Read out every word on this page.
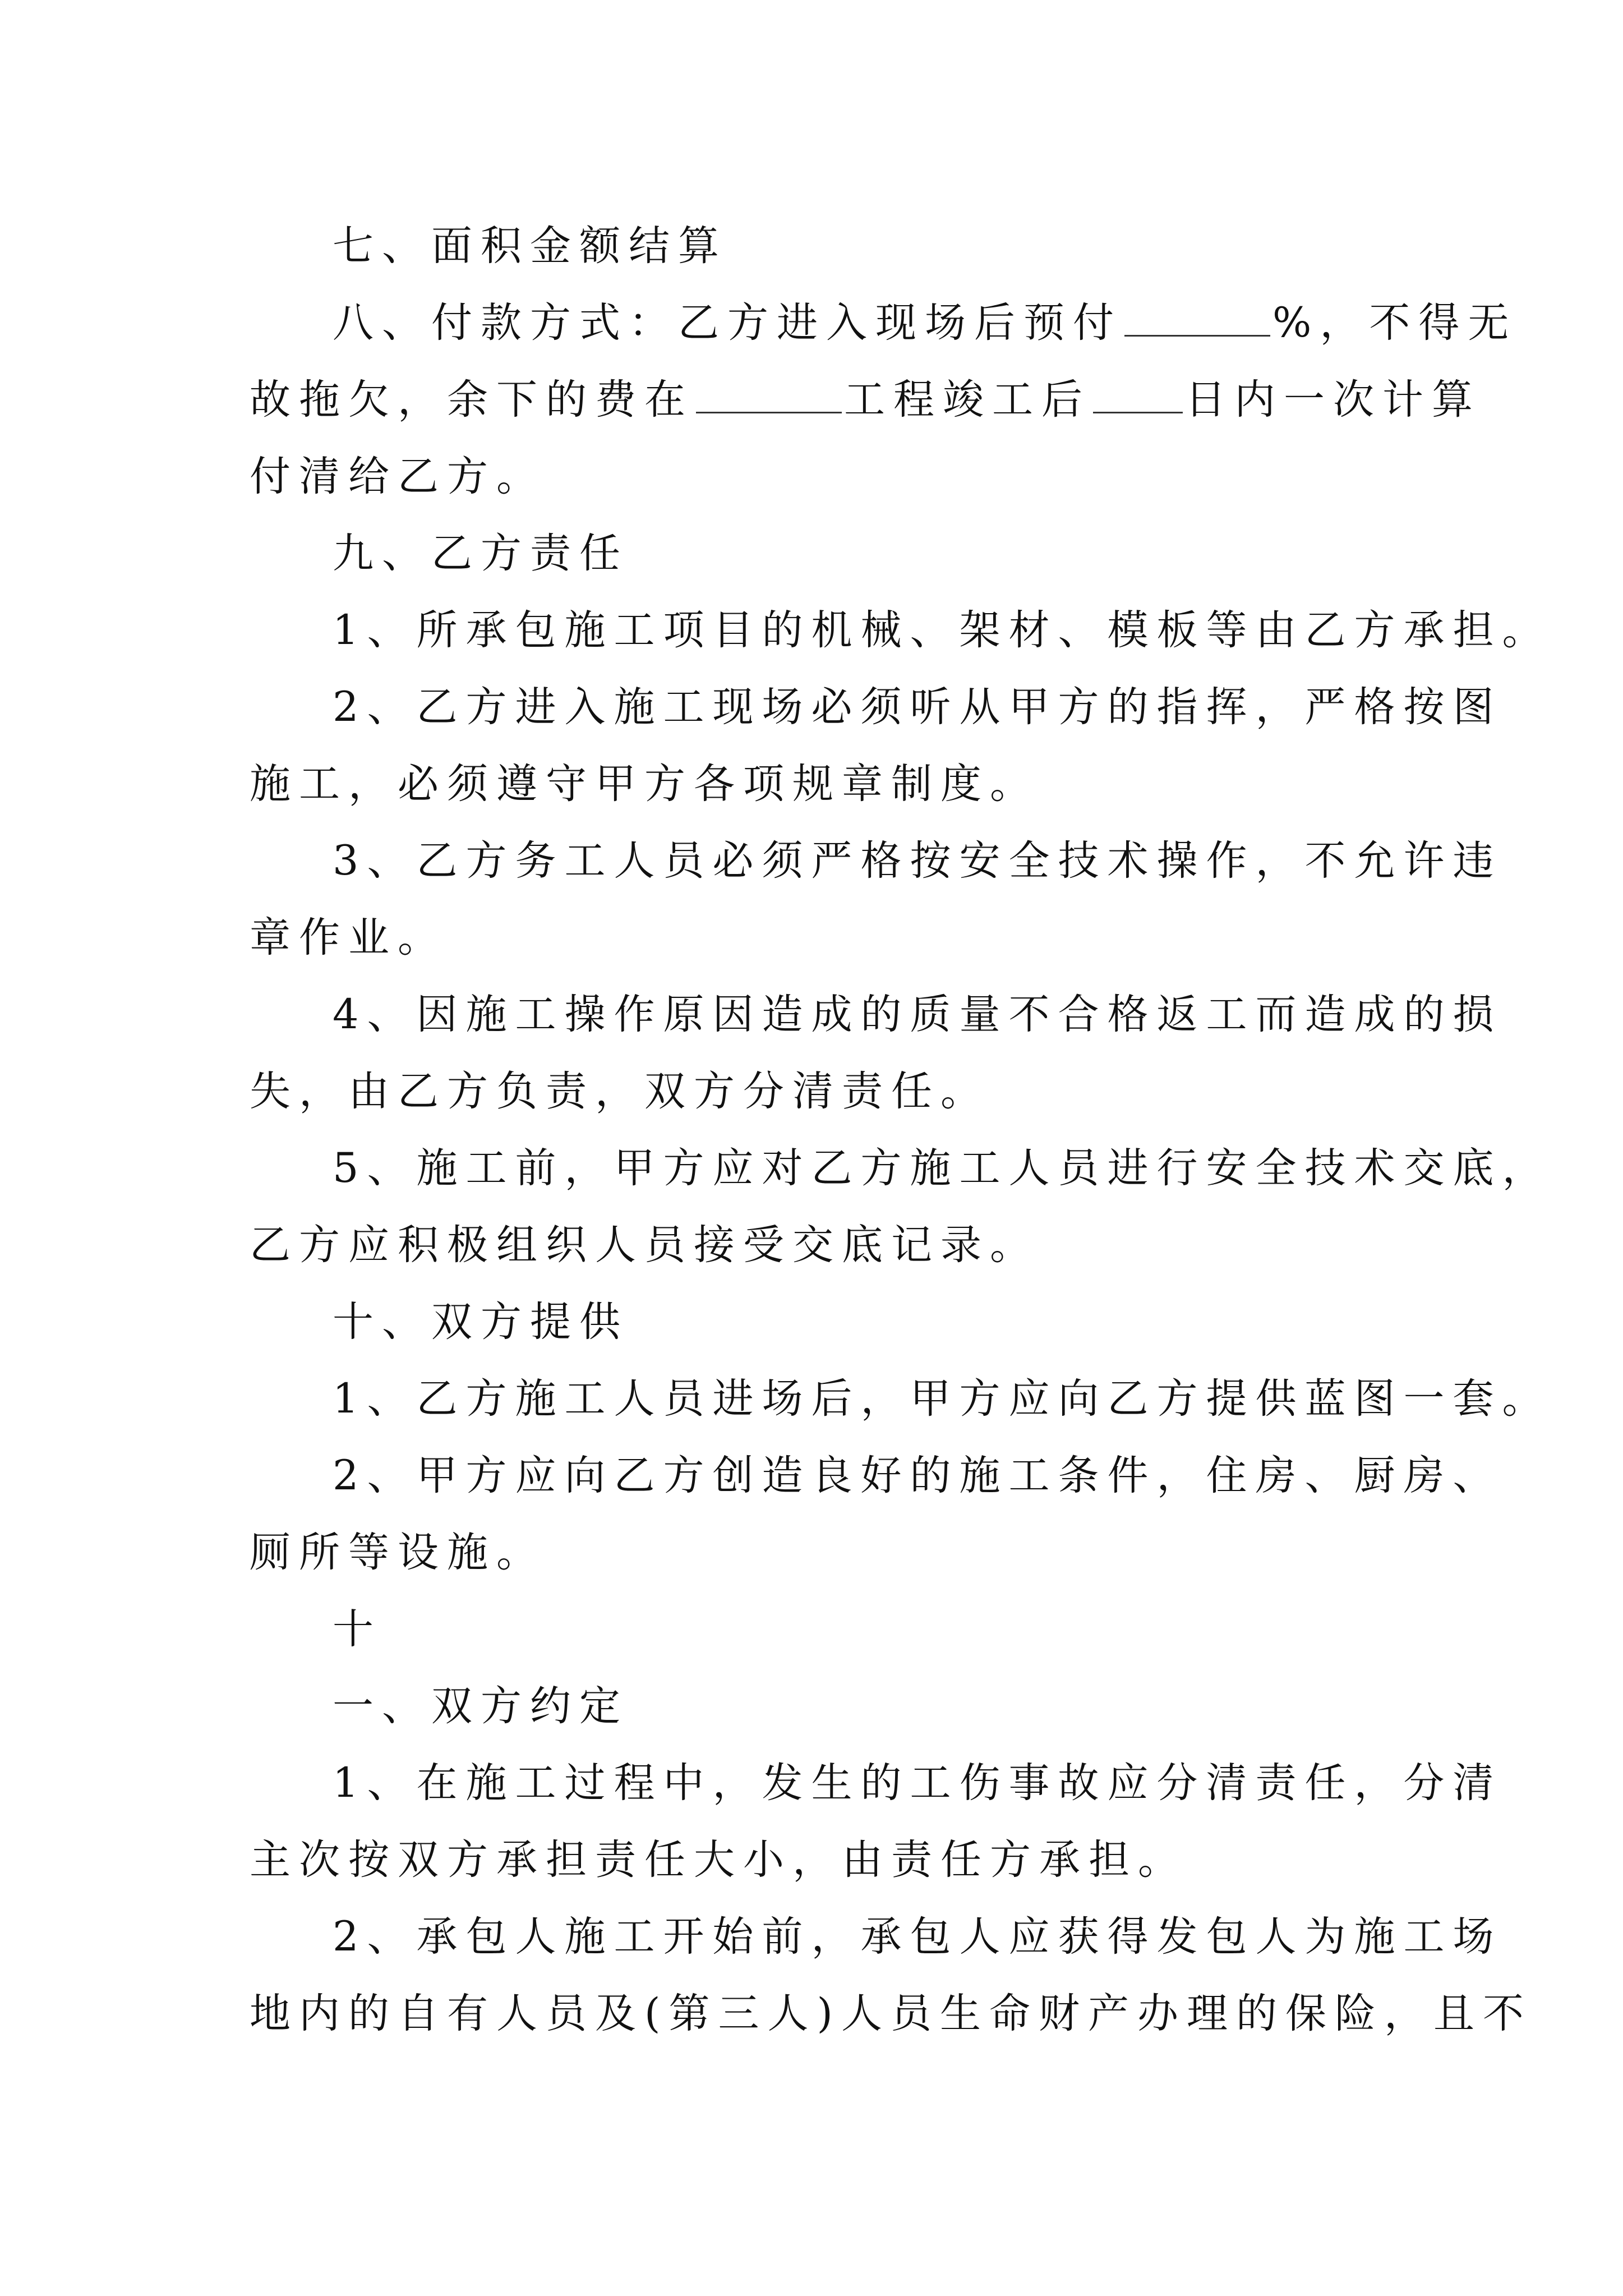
七、面积金额结算
八、付款方式：乙方进入现场后预付	%，不得无
故拖欠，余下的费在	工程竣工后 日内一次计算
付清给乙方。
九、乙方责任
1、所承包施工项目的机械、架材、模板等由乙方承担。
2、乙方进入施工现场必须听从甲方的指挥，严格按图
施工，必须遵守甲方各项规章制度。
3、乙方务工人员必须严格按安全技术操作，不允许违
章作业。
4、因施工操作原因造成的质量不合格返工而造成的损
失，由乙方负责，双方分清责任。
5、施工前，甲方应对乙方施工人员进行安全技术交底，
乙方应积极组织人员接受交底记录。
十、双方提供
1、乙方施工人员进场后，甲方应向乙方提供蓝图一套。
2、甲方应向乙方创造良好的施工条件，住房、厨房、
厕所等设施。
十
一、双方约定
1、在施工过程中，发生的工伤事故应分清责任，分清
主次按双方承担责任大小，由责任方承担。
2、承包人施工开始前，承包人应获得发包人为施工场
地内的自有人员及(第三人)人员生命财产办理的保险，且不
